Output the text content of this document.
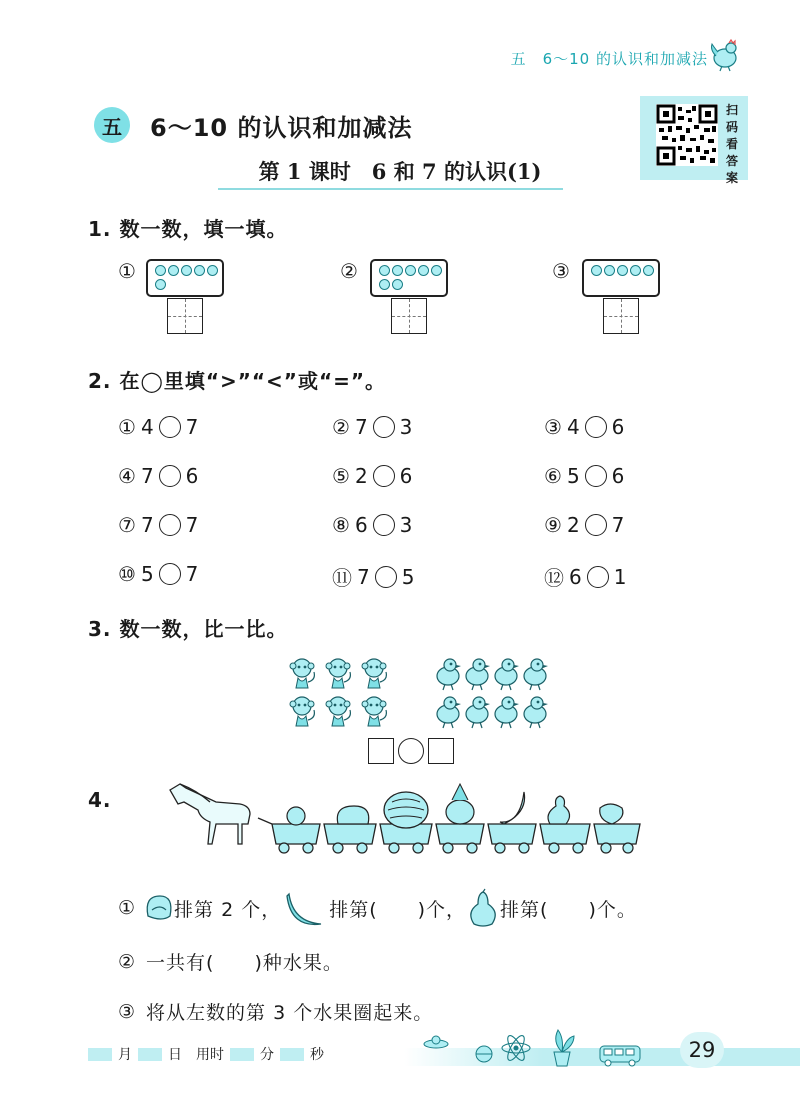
五　6～10 的认识和加减法
五	6～10 的认识和加减法
扫
码
看
答
案
第 1 课时　6 和 7 的认识(1)
1. 数一数，填一填。
①	②	③
2. 在◯里填“>”“<”或“=”。
① 4 7	② 7 3	③ 4 6
④ 7 6	⑤ 2 6	⑥ 5 6
⑦ 7 7	⑧ 6 3	⑨ 2 7
⑩ 5 7	⑪ 7 5	⑫ 6 1
3. 数一数，比一比。
4.
① 排第 2 个，	排第(　　)个， 排第(　　)个。
② 一共有(　　)种水果。
③ 将从左数的第 3 个水果圈起来。
月	日 用时	分	秒	29
